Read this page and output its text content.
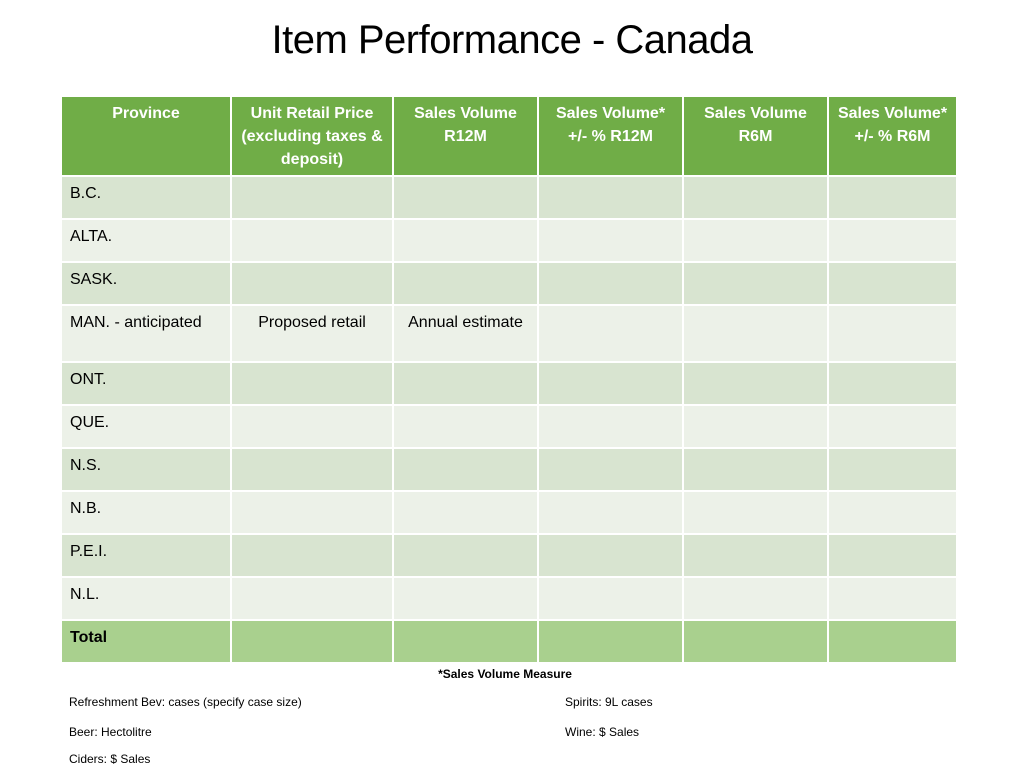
Item Performance - Canada
Province	Unit Retail Price (excluding taxes & deposit)	Sales Volume R12M	Sales Volume* +/- % R12M	Sales Volume R6M	Sales Volume* +/- % R6M
B.C.					
ALTA.					
SASK.					
MAN. - anticipated	Proposed retail	Annual estimate			
ONT.					
QUE.					
N.S.					
N.B.					
P.E.I.					
N.L.					
Total					
*Sales Volume Measure
Refreshment Bev: cases (specify case size)	Spirits: 9L cases
Beer: Hectolitre	Wine: $ Sales
Ciders: $ Sales
